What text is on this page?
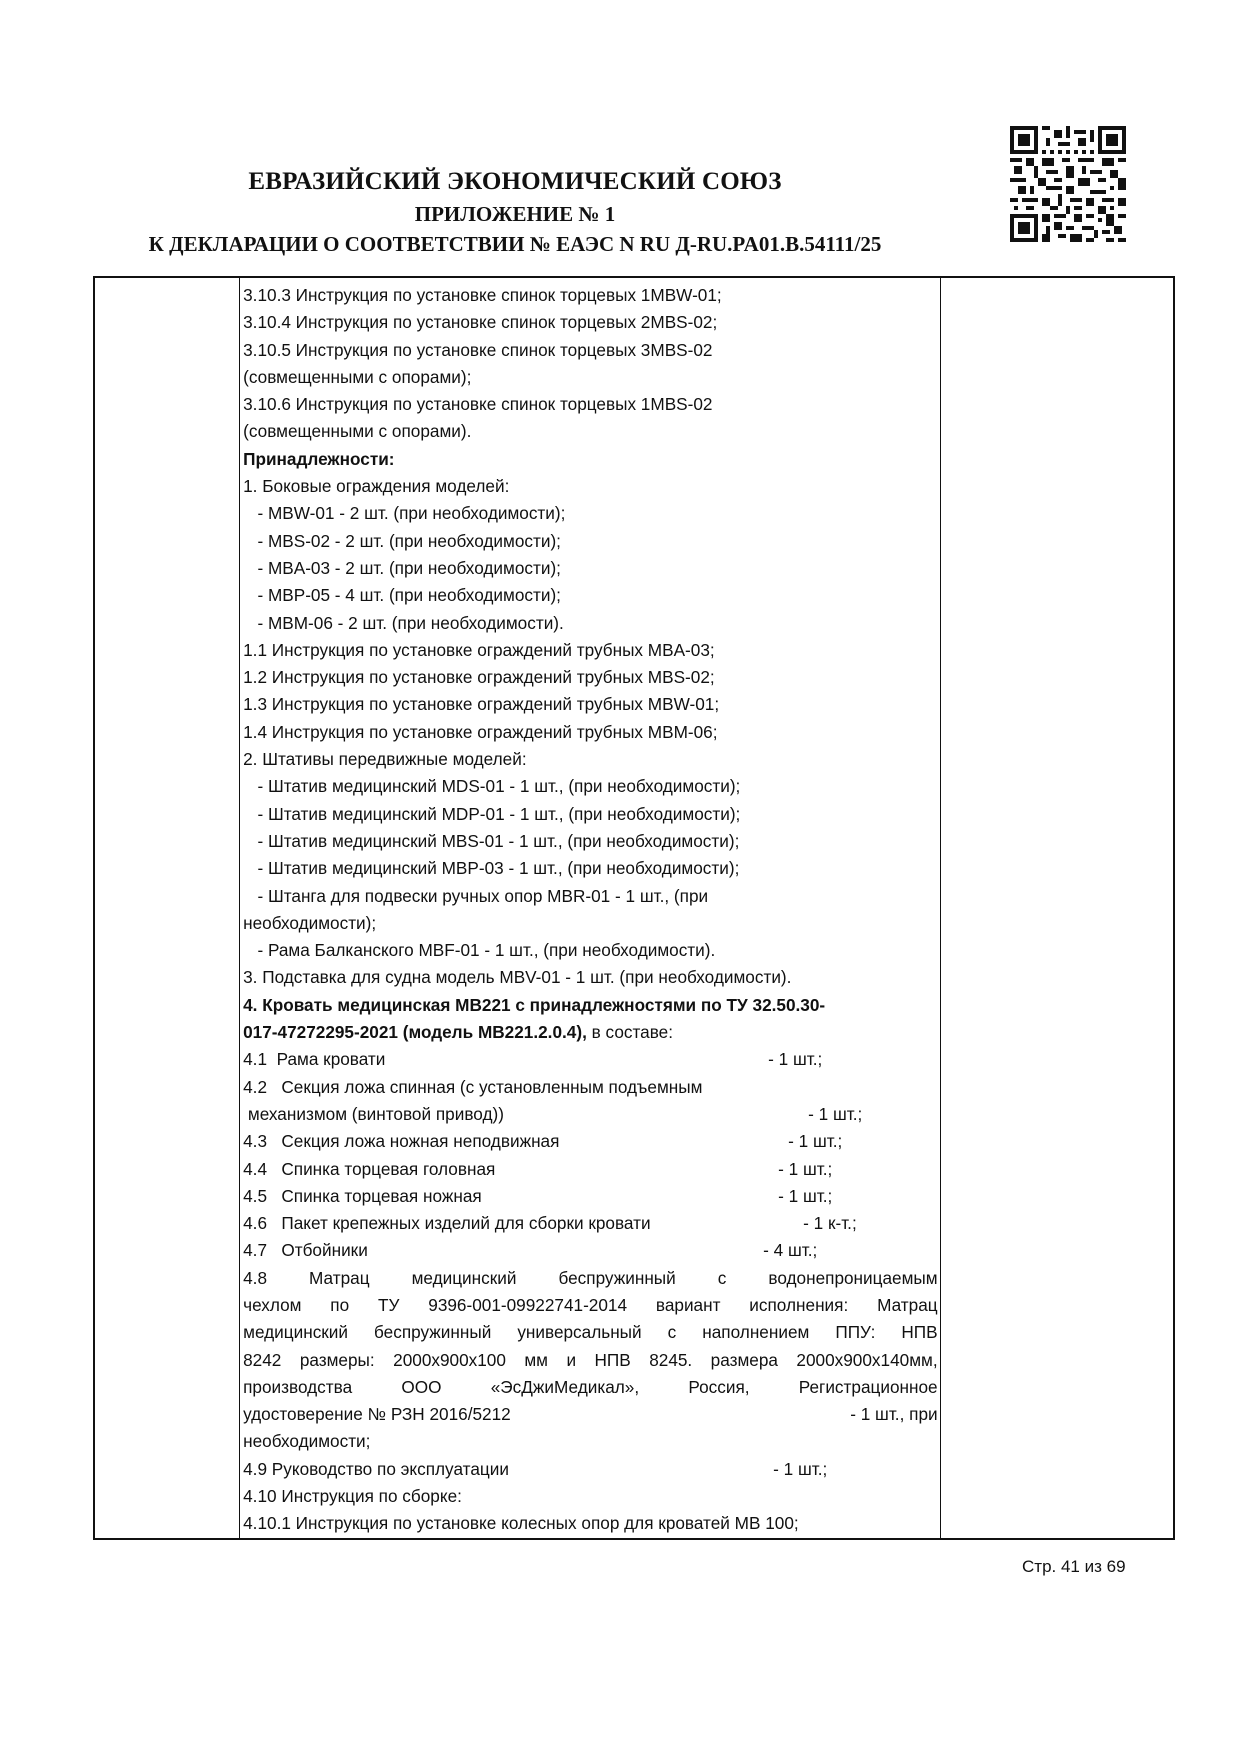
ЕВРАЗИЙСКИЙ ЭКОНОМИЧЕСКИЙ СОЮЗ
ПРИЛОЖЕНИЕ № 1
К ДЕКЛАРАЦИИ О СООТВЕТСТВИИ № ЕАЭС N RU Д-RU.PA01.B.54111/25

3.10.3 Инструкция по установке спинок торцевых 1MBW-01;
3.10.4 Инструкция по установке спинок торцевых 2MBS-02;
3.10.5 Инструкция по установке спинок торцевых 3MBS-02
(совмещенными с опорами);
3.10.6 Инструкция по установке спинок торцевых 1MBS-02
(совмещенными с опорами).
Принадлежности:
1. Боковые ограждения моделей:
- MBW-01 - 2 шт. (при необходимости);
- MBS-02 - 2 шт. (при необходимости);
- MBA-03 - 2 шт. (при необходимости);
- MBP-05 - 4 шт. (при необходимости);
- MBM-06 - 2 шт. (при необходимости).
1.1 Инструкция по установке ограждений трубных MBA-03;
1.2 Инструкция по установке ограждений трубных MBS-02;
1.3 Инструкция по установке ограждений трубных MBW-01;
1.4 Инструкция по установке ограждений трубных MBM-06;
2. Штативы передвижные моделей:
- Штатив медицинский MDS-01 - 1 шт., (при необходимости);
- Штатив медицинский MDP-01 - 1 шт., (при необходимости);
- Штатив медицинский MBS-01 - 1 шт., (при необходимости);
- Штатив медицинский MBP-03 - 1 шт., (при необходимости);
- Штанга для подвески ручных опор MBR-01 - 1 шт., (при
необходимости);
- Рама Балканского MBF-01 - 1 шт., (при необходимости).
3. Подставка для судна модель MBV-01 - 1 шт. (при необходимости).
4. Кровать медицинская МВ221 с принадлежностями по ТУ 32.50.30-
017-47272295-2021 (модель МВ221.2.0.4), в составе:
4.1  Рама кровати	- 1 шт.;
4.2   Секция ложа спинная (с установленным подъемным
механизмом (винтовой привод))	- 1 шт.;
4.3   Секция ложа ножная неподвижная	- 1 шт.;
4.4   Спинка торцевая головная	- 1 шт.;
4.5   Спинка торцевая ножная	- 1 шт.;
4.6   Пакет крепежных изделий для сборки кровати	- 1 к-т.;
4.7   Отбойники	- 4 шт.;
4.8 Матрац медицинский беспружинный с водонепроницаемым
чехлом по ТУ 9396-001-09922741-2014 вариант исполнения: Матрац
медицинский беспружинный универсальный с наполнением ППУ: НПВ
8242 размеры: 2000х900х100 мм и НПВ 8245. размера 2000х900х140мм,
производства ООО «ЭсДжиМедикал», Россия, Регистрационное
удостоверение № РЗН 2016/5212	- 1 шт., при
необходимости;
4.9 Руководство по эксплуатации	- 1 шт.;
4.10 Инструкция по сборке:
4.10.1 Инструкция по установке колесных опор для кроватей МВ 100;

Стр. 41 из 69
